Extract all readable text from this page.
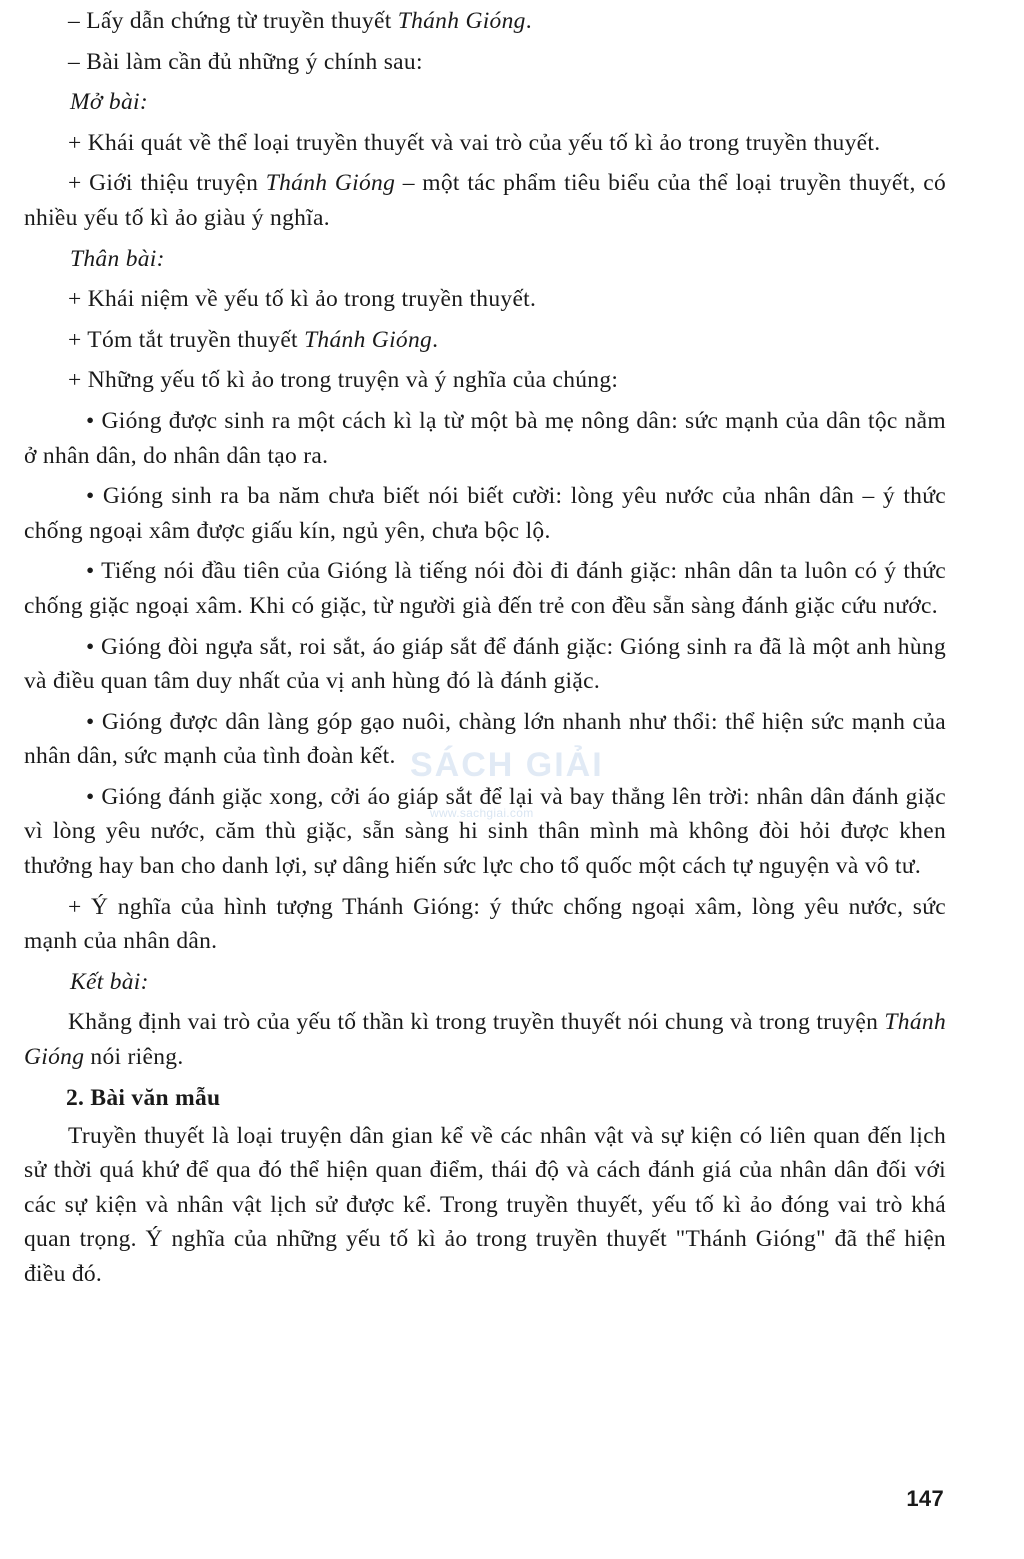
SÁCH GIẢI
www.sachgiai.com

– Lấy dẫn chứng từ truyền thuyết Thánh Gióng.

– Bài làm cần đủ những ý chính sau:

Mở bài:

+ Khái quát về thể loại truyền thuyết và vai trò của yếu tố kì ảo trong truyền thuyết.

+ Giới thiệu truyện Thánh Gióng – một tác phẩm tiêu biểu của thể loại truyền thuyết, có nhiều yếu tố kì ảo giàu ý nghĩa.

Thân bài:

+ Khái niệm về yếu tố kì ảo trong truyền thuyết.

+ Tóm tắt truyền thuyết Thánh Gióng.

+ Những yếu tố kì ảo trong truyện và ý nghĩa của chúng:

• Gióng được sinh ra một cách kì lạ từ một bà mẹ nông dân: sức mạnh của dân tộc nằm ở nhân dân, do nhân dân tạo ra.

• Gióng sinh ra ba năm chưa biết nói biết cười: lòng yêu nước của nhân dân – ý thức chống ngoại xâm được giấu kín, ngủ yên, chưa bộc lộ.

• Tiếng nói đầu tiên của Gióng là tiếng nói đòi đi đánh giặc: nhân dân ta luôn có ý thức chống giặc ngoại xâm. Khi có giặc, từ người già đến trẻ con đều sẵn sàng đánh giặc cứu nước.

• Gióng đòi ngựa sắt, roi sắt, áo giáp sắt để đánh giặc: Gióng sinh ra đã là một anh hùng và điều quan tâm duy nhất của vị anh hùng đó là đánh giặc.

• Gióng được dân làng góp gạo nuôi, chàng lớn nhanh như thổi: thể hiện sức mạnh của nhân dân, sức mạnh của tình đoàn kết.

• Gióng đánh giặc xong, cởi áo giáp sắt để lại và bay thẳng lên trời: nhân dân đánh giặc vì lòng yêu nước, căm thù giặc, sẵn sàng hi sinh thân mình mà không đòi hỏi được khen thưởng hay ban cho danh lợi, sự dâng hiến sức lực cho tổ quốc một cách tự nguyện và vô tư.

+ Ý nghĩa của hình tượng Thánh Gióng: ý thức chống ngoại xâm, lòng yêu nước, sức mạnh của nhân dân.

Kết bài:

Khẳng định vai trò của yếu tố thần kì trong truyền thuyết nói chung và trong truyện Thánh Gióng nói riêng.

2. Bài văn mẫu

Truyền thuyết là loại truyện dân gian kể về các nhân vật và sự kiện có liên quan đến lịch sử thời quá khứ để qua đó thể hiện quan điểm, thái độ và cách đánh giá của nhân dân đối với các sự kiện và nhân vật lịch sử được kể. Trong truyền thuyết, yếu tố kì ảo đóng vai trò khá quan trọng. Ý nghĩa của những yếu tố kì ảo trong truyền thuyết "Thánh Gióng" đã thể hiện điều đó.

147
